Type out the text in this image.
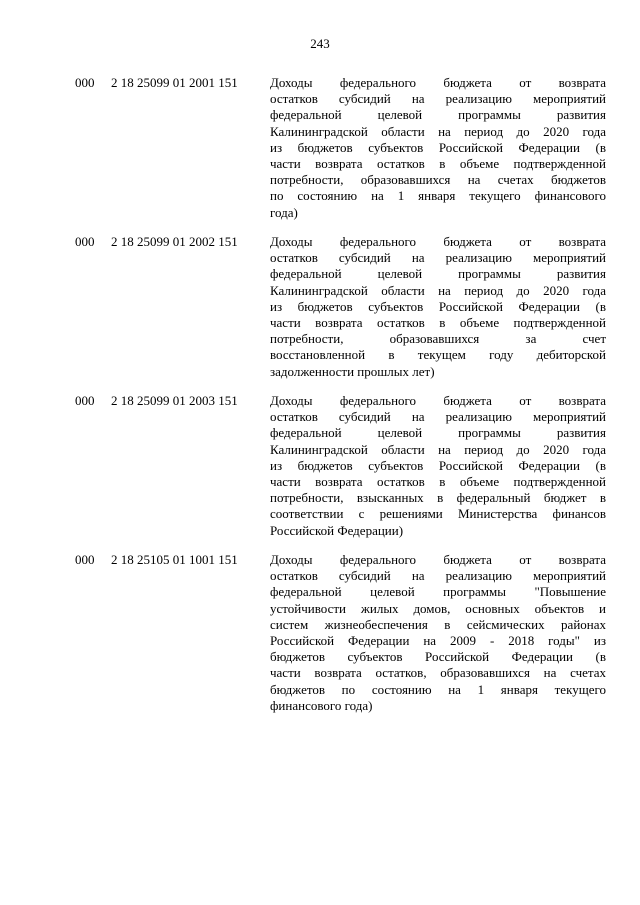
243
000 2 18 25099 01 2001 151 Доходы федерального бюджета от возврата
остатков субсидий на реализацию мероприятий
федеральной целевой программы развития
Калининградской области на период до 2020 года
из бюджетов субъектов Российской Федерации (в
части возврата остатков в объеме подтвержденной
потребности, образовавшихся на счетах бюджетов
по состоянию на 1 января текущего финансового
года)
000 2 18 25099 01 2002 151 Доходы федерального бюджета от возврата
остатков субсидий на реализацию мероприятий
федеральной целевой программы развития
Калининградской области на период до 2020 года
из бюджетов субъектов Российской Федерации (в
части возврата остатков в объеме подтвержденной
потребности, образовавшихся за счет
восстановленной в текущем году дебиторской
задолженности прошлых лет)
000 2 18 25099 01 2003 151 Доходы федерального бюджета от возврата
остатков субсидий на реализацию мероприятий
федеральной целевой программы развития
Калининградской области на период до 2020 года
из бюджетов субъектов Российской Федерации (в
части возврата остатков в объеме подтвержденной
потребности, взысканных в федеральный бюджет в
соответствии с решениями Министерства финансов
Российской Федерации)
000 2 18 25105 01 1001 151 Доходы федерального бюджета от возврата
остатков субсидий на реализацию мероприятий
федеральной целевой программы "Повышение
устойчивости жилых домов, основных объектов и
систем жизнеобеспечения в сейсмических районах
Российской Федерации на 2009 - 2018 годы" из
бюджетов субъектов Российской Федерации (в
части возврата остатков, образовавшихся на счетах
бюджетов по состоянию на 1 января текущего
финансового года)
